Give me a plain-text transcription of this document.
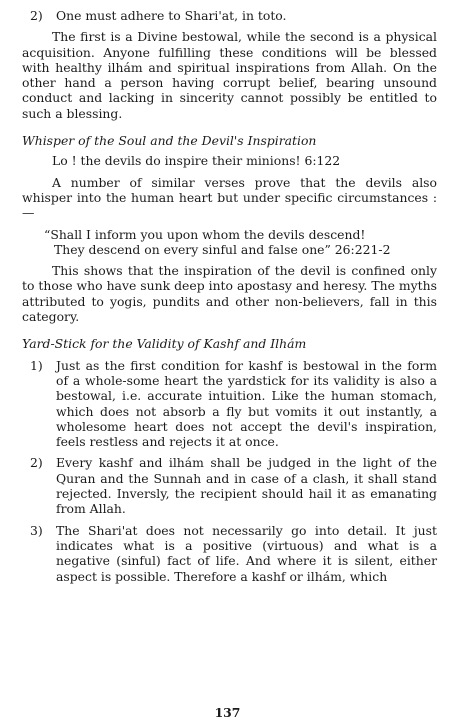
2)	One must adhere to Shari'at, in toto.

The first is a Divine bestowal, while the second is a physical acquisition. Anyone fulfilling these conditions will be blessed with healthy ilhám and spiritual inspirations from Allah. On the other hand a person having corrupt belief, bearing unsound conduct and lacking in sincerity cannot possibly be entitled to such a blessing.

Whisper of the Soul and the Devil's Inspiration

Lo ! the devils do inspire their minions! 6:122

A number of similar verses prove that the devils also whisper into the human heart but under specific circumstances :—

“Shall I inform you upon whom the devils descend!
They descend on every sinful and false one” 26:221-2

This shows that the inspiration of the devil is confined only to those who have sunk deep into apostasy and heresy. The myths attributed to yogis, pundits and other non-believers, fall in this category.

Yard-Stick for the Validity of Kashf and Ilhám

1)	Just as the first condition for kashf is bestowal in the form of a whole-some heart the yardstick for its validity is also a bestowal, i.e. accurate intuition. Like the human stomach, which does not absorb a fly but vomits it out instantly, a wholesome heart does not accept the devil's inspiration, feels restless and rejects it at once.
2)	Every kashf and ilhám shall be judged in the light of the Quran and the Sunnah and in case of a clash, it shall stand rejected. Inversly, the recipient should hail it as emanating from Allah.
3)	The Shari'at does not necessarily go into detail. It just indicates what is a positive (virtuous) and what is a negative (sinful) fact of life. And where it is silent, either aspect is possible. Therefore a kashf or ilhám, which
137
